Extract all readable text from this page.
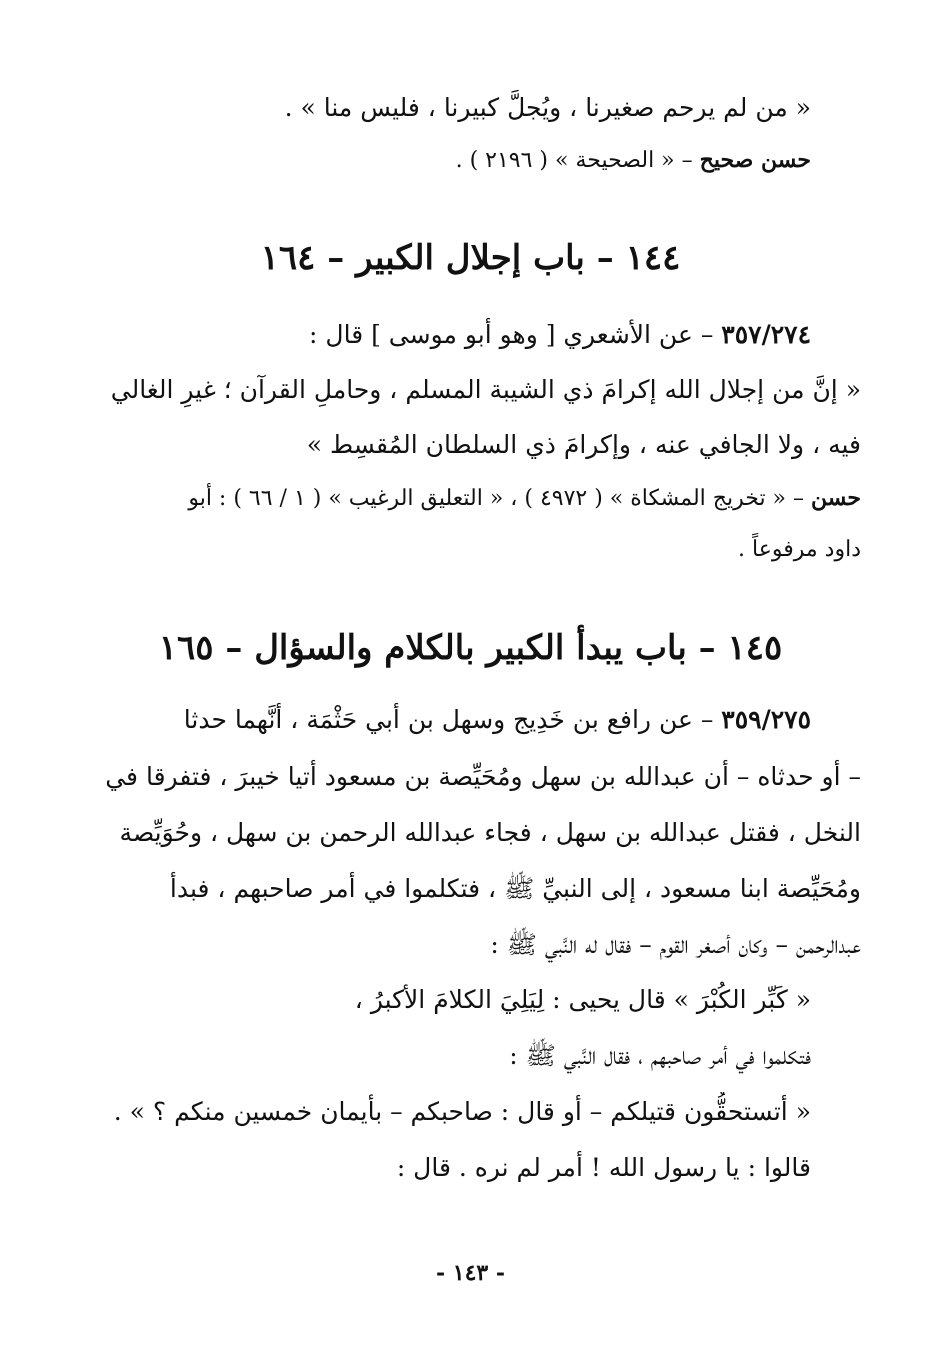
« من لم يرحم صغيرنا ، ويُجلَّ كبيرنا ، فليس منا » .
حسن صحيح – « الصحيحة » ( ٢١٩٦ ) .
١٤٤ – باب إجلال الكبير – ١٦٤
٣٥٧/٢٧٤ – عن الأشعري [ وهو أبو موسى ] قال :
« إنَّ من إجلال الله إكرامَ ذي الشيبة المسلم ، وحاملِ القرآن ؛ غيرِ الغالي
فيه ، ولا الجافي عنه ، وإكرامَ ذي السلطان المُقسِط »
حسن – « تخريج المشكاة » ( ٤٩٧٢ ) ، « التعليق الرغيب » ( ١ / ٦٦ ) : أبو
داود مرفوعاً .
١٤٥ – باب يبدأ الكبير بالكلام والسؤال – ١٦٥
٣٥٩/٢٧٥ – عن رافع بن خَدِيج وسهل بن أبي حَثْمَة ، أنَّهما حدثا
– أو حدثاه – أن عبدالله بن سهل ومُحَيِّصة بن مسعود أتيا خيبرَ ، فتفرقا في
النخل ، فقتل عبدالله بن سهل ، فجاء عبدالله الرحمن بن سهل ، وحُوَيِّصة
ومُحَيِّصة ابنا مسعود ، إلى النبيِّ ﷺ ، فتكلموا في أمر صاحبهم ، فبدأ
عبدالرحمن – وكان أصغر القوم – فقال له النَّبي ﷺ :
« كَبِّر الكُبْرَ » قال يحيى : لِيَلِيَ الكلامَ الأكبرُ ،
فتكلموا في أمر صاحبهم ، فقال النَّبي ﷺ :
« أتستحقُّون قتيلكم – أو قال : صاحبكم – بأيمان خمسين منكم ؟ » .
قالوا : يا رسول الله ! أمر لم نره . قال :
- ١٤٣ -
